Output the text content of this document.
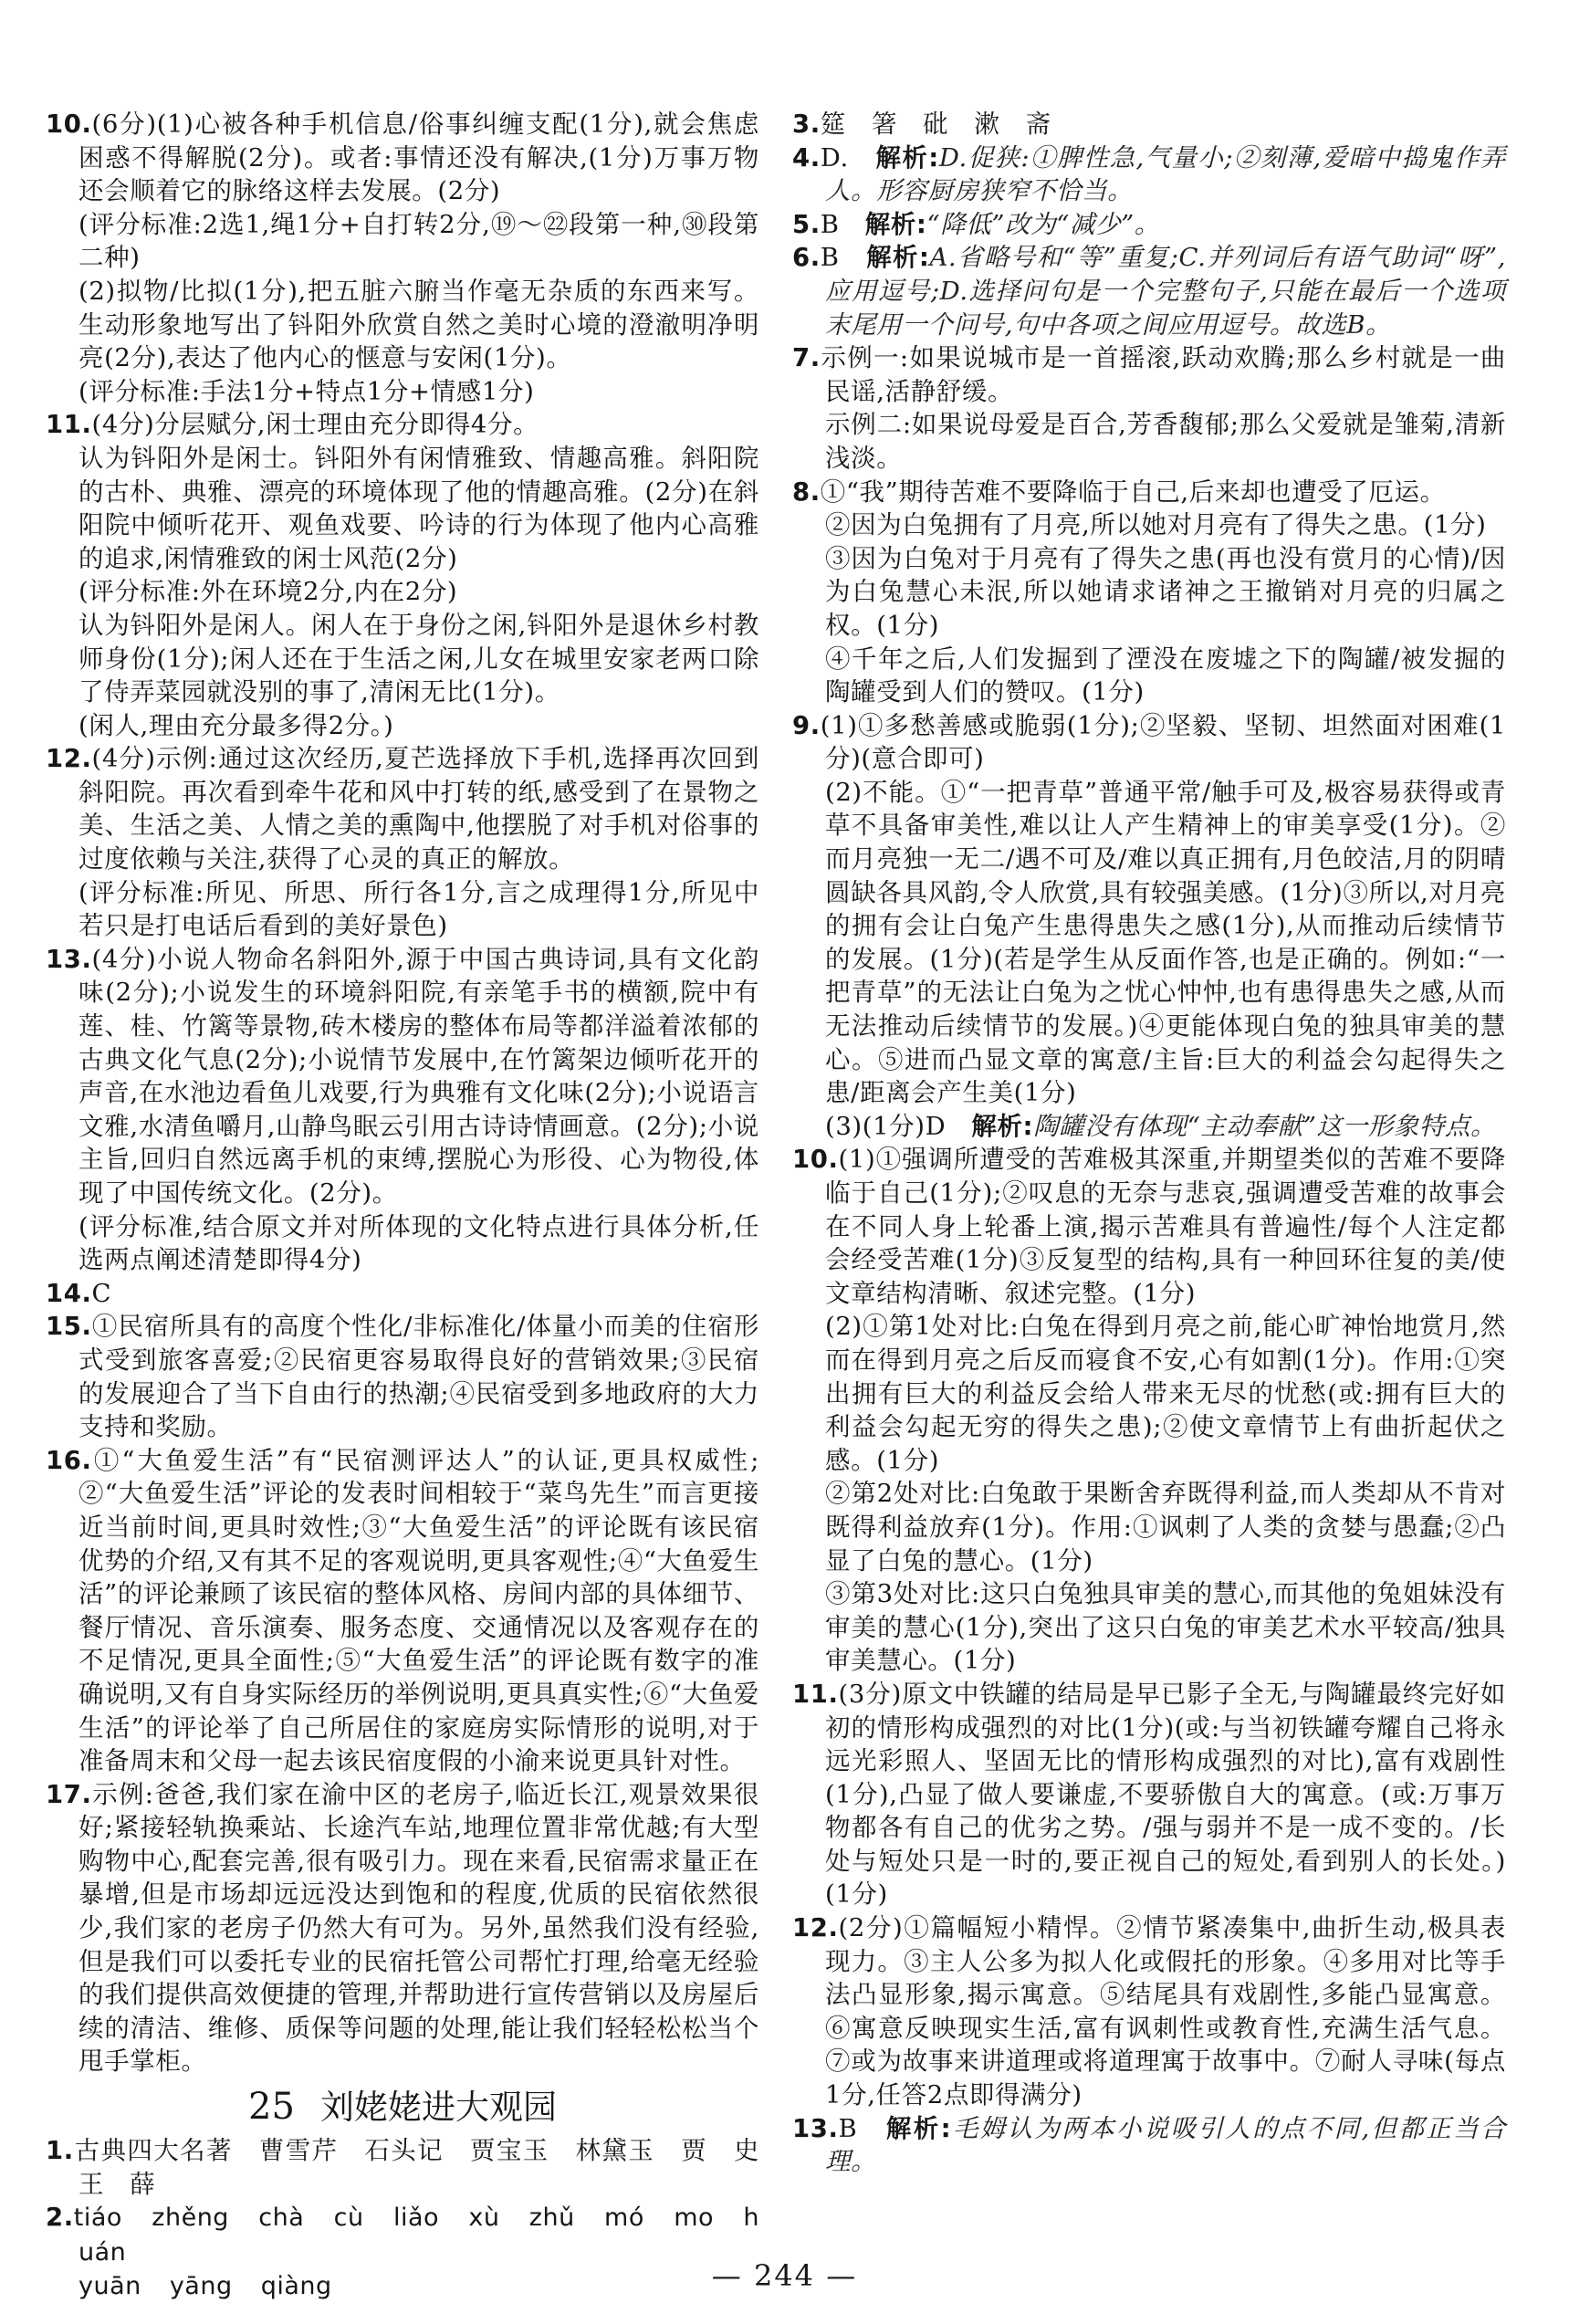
10.(6分)(1)心被各种手机信息/俗事纠缠支配(1分),就会焦虑困惑不得解脱(2分)。或者:事情还没有解决,(1分)万事万物还会顺着它的脉络这样去发展。(2分)

(评分标准:2选1,绳1分+自打转2分,⑲～㉒段第一种,㉚段第二种)

(2)拟物/比拟(1分),把五脏六腑当作毫无杂质的东西来写。生动形象地写出了钭阳外欣赏自然之美时心境的澄澈明净明亮(2分),表达了他内心的惬意与安闲(1分)。

(评分标准:手法1分+特点1分+情感1分)

11.(4分)分层赋分,闲士理由充分即得4分。

认为钭阳外是闲士。钭阳外有闲情雅致、情趣高雅。斜阳院的古朴、典雅、漂亮的环境体现了他的情趣高雅。(2分)在斜阳院中倾听花开、观鱼戏要、吟诗的行为体现了他内心高雅的追求,闲情雅致的闲士风范(2分)

(评分标准:外在环境2分,内在2分)

认为钭阳外是闲人。闲人在于身份之闲,钭阳外是退休乡村教师身份(1分);闲人还在于生活之闲,儿女在城里安家老两口除了侍弄菜园就没别的事了,清闲无比(1分)。

(闲人,理由充分最多得2分。)

12.(4分)示例:通过这次经历,夏芒选择放下手机,选择再次回到斜阳院。再次看到牵牛花和风中打转的纸,感受到了在景物之美、生活之美、人情之美的熏陶中,他摆脱了对手机对俗事的过度依赖与关注,获得了心灵的真正的解放。

(评分标准:所见、所思、所行各1分,言之成理得1分,所见中若只是打电话后看到的美好景色)

13.(4分)小说人物命名斜阳外,源于中国古典诗词,具有文化韵味(2分);小说发生的环境斜阳院,有亲笔手书的横额,院中有莲、桂、竹篱等景物,砖木楼房的整体布局等都洋溢着浓郁的古典文化气息(2分);小说情节发展中,在竹篱架边倾听花开的声音,在水池边看鱼儿戏要,行为典雅有文化味(2分);小说语言文雅,水清鱼嚼月,山静鸟眠云引用古诗诗情画意。(2分);小说主旨,回归自然远离手机的束缚,摆脱心为形役、心为物役,体现了中国传统文化。(2分)。

(评分标准,结合原文并对所体现的文化特点进行具体分析,任选两点阐述清楚即得4分)

14.C

15.①民宿所具有的高度个性化/非标准化/体量小而美的住宿形式受到旅客喜爱;②民宿更容易取得良好的营销效果;③民宿的发展迎合了当下自由行的热潮;④民宿受到多地政府的大力支持和奖励。

16.①“大鱼爱生活”有“民宿测评达人”的认证,更具权威性;②“大鱼爱生活”评论的发表时间相较于“菜鸟先生”而言更接近当前时间,更具时效性;③“大鱼爱生活”的评论既有该民宿优势的介绍,又有其不足的客观说明,更具客观性;④“大鱼爱生活”的评论兼顾了该民宿的整体风格、房间内部的具体细节、餐厅情况、音乐演奏、服务态度、交通情况以及客观存在的不足情况,更具全面性;⑤“大鱼爱生活”的评论既有数字的准确说明,又有自身实际经历的举例说明,更具真实性;⑥“大鱼爱生活”的评论举了自己所居住的家庭房实际情形的说明,对于准备周末和父母一起去该民宿度假的小渝来说更具针对性。

17.示例:爸爸,我们家在渝中区的老房子,临近长江,观景效果很好;紧接轻轨换乘站、长途汽车站,地理位置非常优越;有大型购物中心,配套完善,很有吸引力。现在来看,民宿需求量正在暴增,但是市场却远远没达到饱和的程度,优质的民宿依然很少,我们家的老房子仍然大有可为。另外,虽然我们没有经验,但是我们可以委托专业的民宿托管公司帮忙打理,给毫无经验的我们提供高效便捷的管理,并帮助进行宣传营销以及房屋后续的清洁、维修、质保等问题的处理,能让我们轻轻松松当个甩手掌柜。

25 刘姥姥进大观园

1.古典四大名著　曹雪芹　石头记　贾宝玉　林黛玉　贾　史　王　薛

2.tiáo zhěng chà cù liǎo xù zhǔ mó mo huán

yuān yāng qiàng

3.筵　箸　砒　漱　斋

4.D.　 解析:D.促狭:①脾性急,气量小;②刻薄,爱暗中捣鬼作弄人。形容厨房狭窄不恰当。

5.B　 解析:“降低”改为“减少”。

6.B　 解析:A.省略号和“等”重复;C.并列词后有语气助词“呀”,应用逗号;D.选择问句是一个完整句子,只能在最后一个选项末尾用一个问号,句中各项之间应用逗号。故选B。

7.示例一:如果说城市是一首摇滚,跃动欢腾;那么乡村就是一曲民谣,活静舒缓。

示例二:如果说母爱是百合,芳香馥郁;那么父爱就是雏菊,清新浅淡。

8.①“我”期待苦难不要降临于自己,后来却也遭受了厄运。

②因为白兔拥有了月亮,所以她对月亮有了得失之患。(1分)

③因为白兔对于月亮有了得失之患(再也没有赏月的心情)/因为白兔慧心未泯,所以她请求诸神之王撤销对月亮的归属之权。(1分)

④千年之后,人们发掘到了湮没在废墟之下的陶罐/被发掘的陶罐受到人们的赞叹。(1分)

9.(1)①多愁善感或脆弱(1分);②坚毅、坚韧、坦然面对困难(1分)(意合即可)

(2)不能。①“一把青草”普通平常/触手可及,极容易获得或青草不具备审美性,难以让人产生精神上的审美享受(1分)。②而月亮独一无二/遇不可及/难以真正拥有,月色皎洁,月的阴晴圆缺各具风韵,令人欣赏,具有较强美感。(1分)③所以,对月亮的拥有会让白兔产生患得患失之感(1分),从而推动后续情节的发展。(1分)(若是学生从反面作答,也是正确的。例如:“一把青草”的无法让白兔为之忧心忡忡,也有患得患失之感,从而无法推动后续情节的发展。)④更能体现白兔的独具审美的慧心。⑤进而凸显文章的寓意/主旨:巨大的利益会勾起得失之患/距离会产生美(1分)

(3)(1分)D　解析:陶罐没有体现“主动奉献”这一形象特点。

10.(1)①强调所遭受的苦难极其深重,并期望类似的苦难不要降临于自己(1分);②叹息的无奈与悲哀,强调遭受苦难的故事会在不同人身上轮番上演,揭示苦难具有普遍性/每个人注定都会经受苦难(1分)③反复型的结构,具有一种回环往复的美/使文章结构清晰、叙述完整。(1分)

(2)①第1处对比:白兔在得到月亮之前,能心旷神怡地赏月,然而在得到月亮之后反而寝食不安,心有如割(1分)。作用:①突出拥有巨大的利益反会给人带来无尽的忧愁(或:拥有巨大的利益会勾起无穷的得失之患);②使文章情节上有曲折起伏之感。(1分)

②第2处对比:白兔敢于果断舍弃既得利益,而人类却从不肯对既得利益放弃(1分)。作用:①讽刺了人类的贪婪与愚蠢;②凸显了白兔的慧心。(1分)

③第3处对比:这只白兔独具审美的慧心,而其他的兔姐妹没有审美的慧心(1分),突出了这只白兔的审美艺术水平较高/独具审美慧心。(1分)

11.(3分)原文中铁罐的结局是早已影子全无,与陶罐最终完好如初的情形构成强烈的对比(1分)(或:与当初铁罐夸耀自己将永远光彩照人、坚固无比的情形构成强烈的对比),富有戏剧性(1分),凸显了做人要谦虚,不要骄傲自大的寓意。(或:万事万物都各有自己的优劣之势。/强与弱并不是一成不变的。/长处与短处只是一时的,要正视自己的短处,看到别人的长处。)(1分)

12.(2分)①篇幅短小精悍。②情节紧凑集中,曲折生动,极具表现力。③主人公多为拟人化或假托的形象。④多用对比等手法凸显形象,揭示寓意。⑤结尾具有戏剧性,多能凸显寓意。⑥寓意反映现实生活,富有讽刺性或教育性,充满生活气息。⑦或为故事来讲道理或将道理寓于故事中。⑦耐人寻味(每点1分,任答2点即得满分)

13.B　 解析:毛姆认为两本小说吸引人的点不同,但都正当合理。

— 244 —
